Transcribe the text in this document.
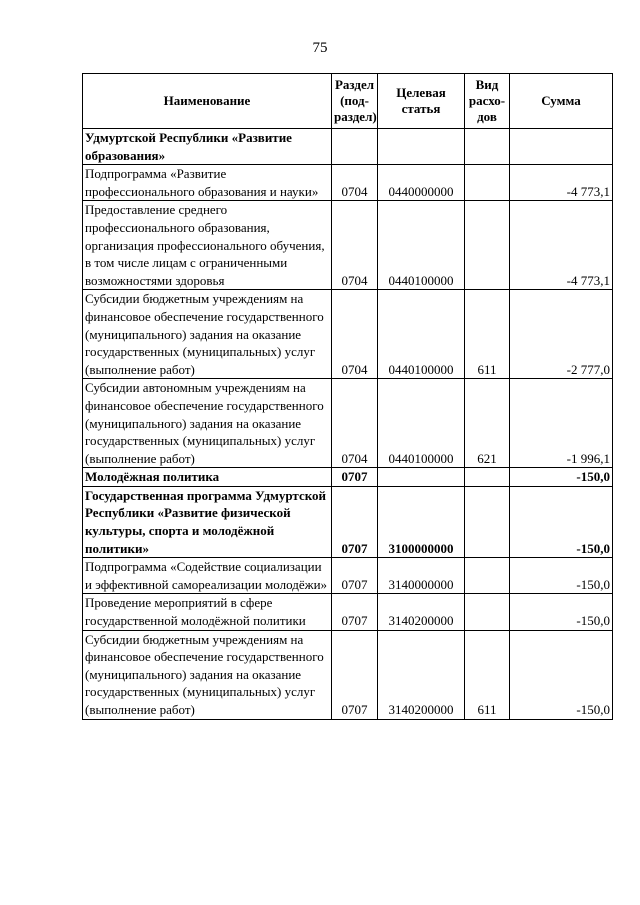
75
Наименование	Раздел (под-раздел)	Целевая статья	Вид расхо-дов	Сумма
Удмуртской Республики «Развитие образования»				
Подпрограмма «Развитие профессионального образования и науки»	0704	0440000000		-4 773,1
Предоставление среднего профессионального образования, организация профессионального обучения, в том числе лицам с ограниченными возможностями здоровья	0704	0440100000		-4 773,1
Субсидии бюджетным учреждениям на финансовое обеспечение государственного (муниципального) задания на оказание государственных (муниципальных) услуг (выполнение работ)	0704	0440100000	611	-2 777,0
Субсидии автономным учреждениям на финансовое обеспечение государственного (муниципального) задания на оказание государственных (муниципальных) услуг (выполнение работ)	0704	0440100000	621	-1 996,1
Молодёжная политика	0707			-150,0
Государственная программа Удмуртской Республики «Развитие физической культуры, спорта и молодёжной политики»	0707	3100000000		-150,0
Подпрограмма «Содействие социализации и эффективной самореализации молодёжи»	0707	3140000000		-150,0
Проведение мероприятий в сфере государственной молодёжной политики	0707	3140200000		-150,0
Субсидии бюджетным учреждениям на финансовое обеспечение государственного (муниципального) задания на оказание государственных (муниципальных) услуг (выполнение работ)	0707	3140200000	611	-150,0
